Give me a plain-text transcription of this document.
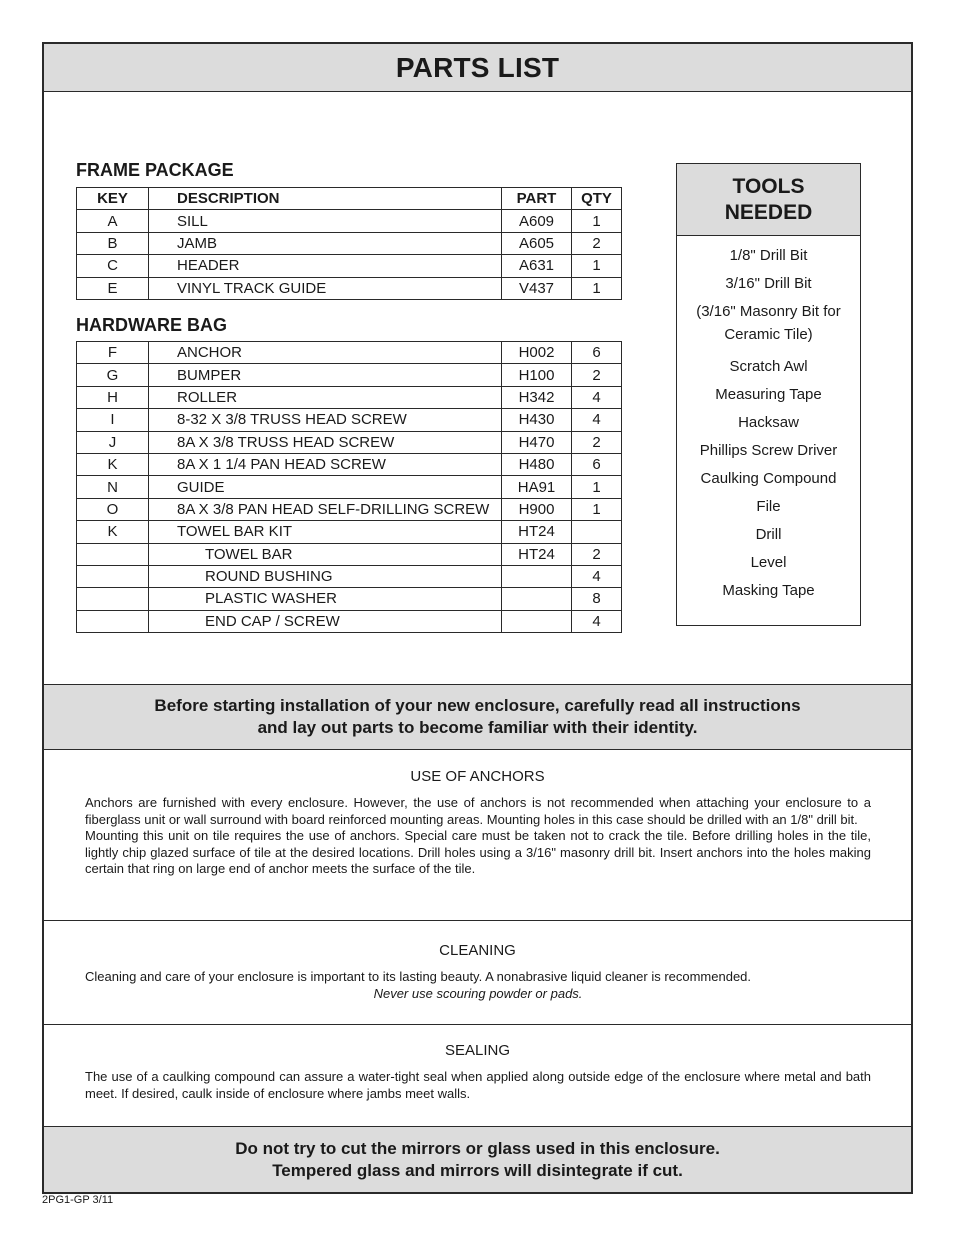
PARTS LIST
FRAME PACKAGE
KEY	DESCRIPTION	PART	QTY
A	SILL	A609	1
B	JAMB	A605	2
C	HEADER	A631	1
E	VINYL TRACK GUIDE	V437	1
HARDWARE BAG
F	ANCHOR	H002	6
G	BUMPER	H100	2
H	ROLLER	H342	4
I	8-32 X 3/8 TRUSS HEAD SCREW	H430	4
J	8A X 3/8 TRUSS HEAD SCREW	H470	2
K	8A X 1 1/4 PAN HEAD SCREW	H480	6
N	GUIDE	HA91	1
O	8A X 3/8 PAN HEAD SELF-DRILLING SCREW	H900	1
K	TOWEL BAR KIT	HT24	
	TOWEL BAR	HT24	2
	ROUND BUSHING		4
	PLASTIC WASHER		8
	END CAP / SCREW		4
TOOLS
NEEDED
1/8" Drill Bit
3/16" Drill Bit
(3/16" Masonry Bit for
Ceramic Tile)
Scratch Awl
Measuring Tape
Hacksaw
Phillips Screw Driver
Caulking Compound
File
Drill
Level
Masking Tape
Before starting installation of your new enclosure, carefully read all instructions
and lay out parts to become familiar with their identity.
USE OF ANCHORS
Anchors are furnished with every enclosure. However, the use of anchors is not recommended when attaching your enclosure to a fiberglass unit or wall surround with board reinforced mounting areas. Mounting holes in this case should be drilled with an 1/8" drill bit.
Mounting this unit on tile requires the use of anchors. Special care must be taken not to crack the tile. Before drilling holes in the tile, lightly chip glazed surface of tile at the desired locations. Drill holes using a 3/16" masonry drill bit. Insert anchors into the holes making certain that ring on large end of anchor meets the surface of the tile.
CLEANING
Cleaning and care of your enclosure is important to its lasting beauty. A nonabrasive liquid cleaner is recommended.
Never use scouring powder or pads.
SEALING
The use of a caulking compound can assure a water-tight seal when applied along outside edge of the enclosure where metal and bath meet. If desired, caulk inside of enclosure where jambs meet walls.
Do not try to cut the mirrors or glass used in this enclosure.
Tempered glass and mirrors will disintegrate if cut.
2PG1-GP 3/11
